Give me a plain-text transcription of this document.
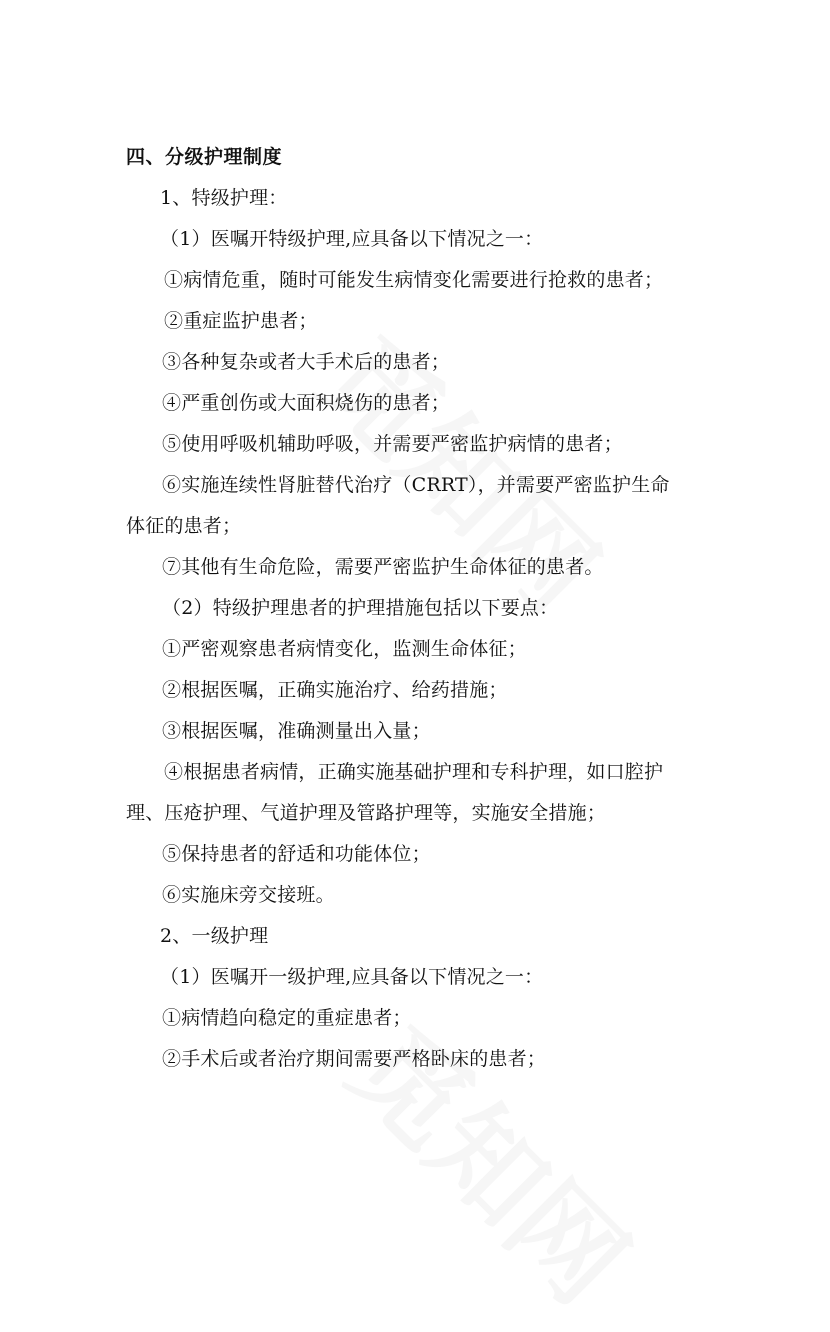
四、分级护理制度
1、特级护理：
（1）医嘱开特级护理,应具备以下情况之一：
①病情危重，随时可能发生病情变化需要进行抢救的患者；
②重症监护患者；
③各种复杂或者大手术后的患者；
④严重创伤或大面积烧伤的患者；
⑤使用呼吸机辅助呼吸，并需要严密监护病情的患者；
⑥实施连续性肾脏替代治疗（CRRT），并需要严密监护生命
体征的患者；
⑦其他有生命危险，需要严密监护生命体征的患者。
（2）特级护理患者的护理措施包括以下要点：
①严密观察患者病情变化，监测生命体征；
②根据医嘱，正确实施治疗、给药措施；
③根据医嘱，准确测量出入量；
④根据患者病情，正确实施基础护理和专科护理，如口腔护
理、压疮护理、气道护理及管路护理等，实施安全措施；
⑤保持患者的舒适和功能体位；
⑥实施床旁交接班。
2、一级护理
（1）医嘱开一级护理,应具备以下情况之一：
①病情趋向稳定的重症患者；
②手术后或者治疗期间需要严格卧床的患者；
